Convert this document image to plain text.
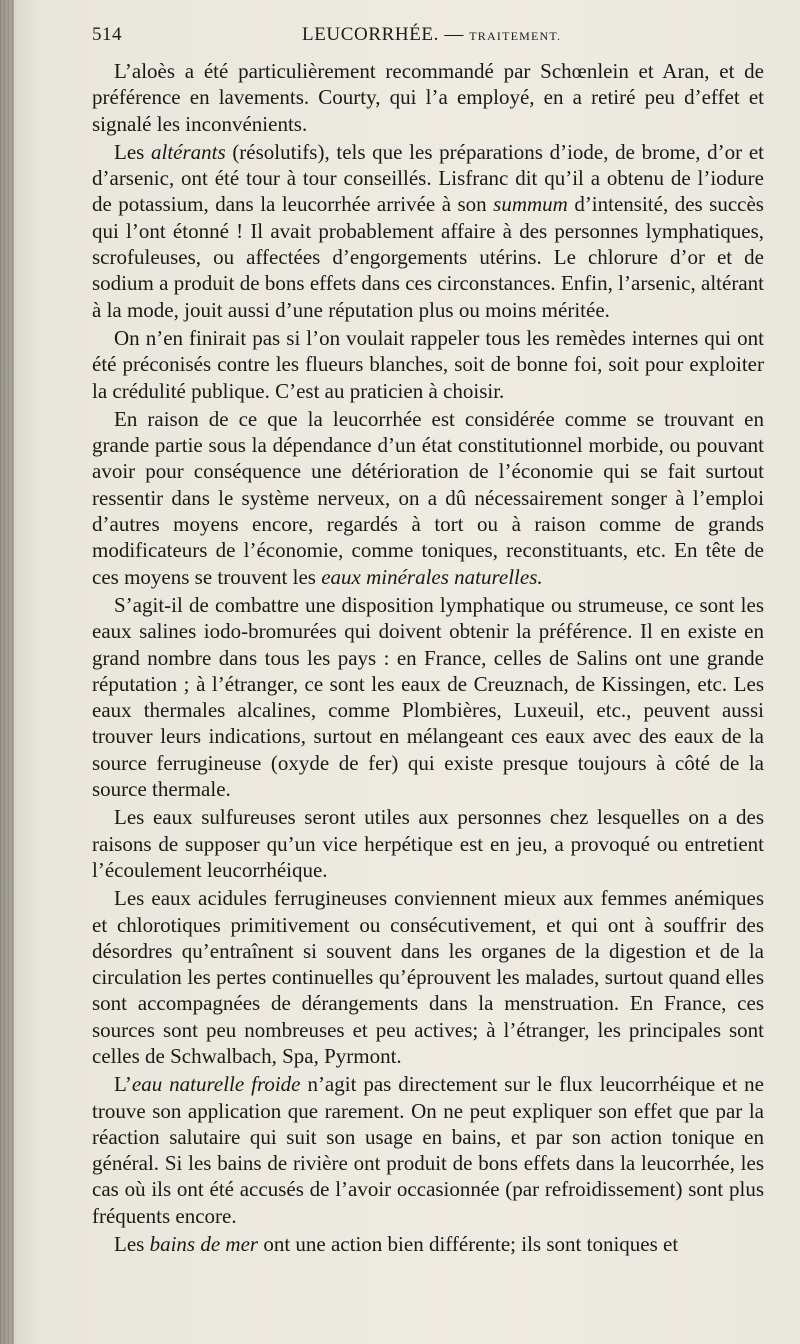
514	LEUCORRHÉE. — TRAITEMENT.

L’aloès a été particulièrement recommandé par Schœnlein et Aran, et de préférence en lavements. Courty, qui l’a employé, en a retiré peu d’effet et signalé les inconvénients.

Les altérants (résolutifs), tels que les préparations d’iode, de brome, d’or et d’arsenic, ont été tour à tour conseillés. Lisfranc dit qu’il a obtenu de l’iodure de potassium, dans la leucorrhée arrivée à son summum d’intensité, des succès qui l’ont étonné ! Il avait probablement affaire à des personnes lymphatiques, scrofuleuses, ou affectées d’engorgements utérins. Le chlorure d’or et de sodium a produit de bons effets dans ces circonstances. Enfin, l’arsenic, altérant à la mode, jouit aussi d’une réputation plus ou moins méritée.

On n’en finirait pas si l’on voulait rappeler tous les remèdes internes qui ont été préconisés contre les flueurs blanches, soit de bonne foi, soit pour exploiter la crédulité publique. C’est au praticien à choisir.

En raison de ce que la leucorrhée est considérée comme se trouvant en grande partie sous la dépendance d’un état constitutionnel morbide, ou pouvant avoir pour conséquence une détérioration de l’économie qui se fait surtout ressentir dans le système nerveux, on a dû nécessairement songer à l’emploi d’autres moyens encore, regardés à tort ou à raison comme de grands modificateurs de l’économie, comme toniques, reconstituants, etc. En tête de ces moyens se trouvent les eaux minérales naturelles.

S’agit-il de combattre une disposition lymphatique ou strumeuse, ce sont les eaux salines iodo-bromurées qui doivent obtenir la préférence. Il en existe en grand nombre dans tous les pays : en France, celles de Salins ont une grande réputation ; à l’étranger, ce sont les eaux de Creuznach, de Kissingen, etc. Les eaux thermales alcalines, comme Plombières, Luxeuil, etc., peuvent aussi trouver leurs indications, surtout en mélangeant ces eaux avec des eaux de la source ferrugineuse (oxyde de fer) qui existe presque toujours à côté de la source thermale.

Les eaux sulfureuses seront utiles aux personnes chez lesquelles on a des raisons de supposer qu’un vice herpétique est en jeu, a provoqué ou entretient l’écoulement leucorrhéique.

Les eaux acidules ferrugineuses conviennent mieux aux femmes anémiques et chlorotiques primitivement ou consécutivement, et qui ont à souffrir des désordres qu’entraînent si souvent dans les organes de la digestion et de la circulation les pertes continuelles qu’éprouvent les malades, surtout quand elles sont accompagnées de dérangements dans la menstruation. En France, ces sources sont peu nombreuses et peu actives; à l’étranger, les principales sont celles de Schwalbach, Spa, Pyrmont.

L’eau naturelle froide n’agit pas directement sur le flux leucorrhéique et ne trouve son application que rarement. On ne peut expliquer son effet que par la réaction salutaire qui suit son usage en bains, et par son action tonique en général. Si les bains de rivière ont produit de bons effets dans la leucorrhée, les cas où ils ont été accusés de l’avoir occasionnée (par refroidissement) sont plus fréquents encore.

Les bains de mer ont une action bien différente; ils sont toniques et
